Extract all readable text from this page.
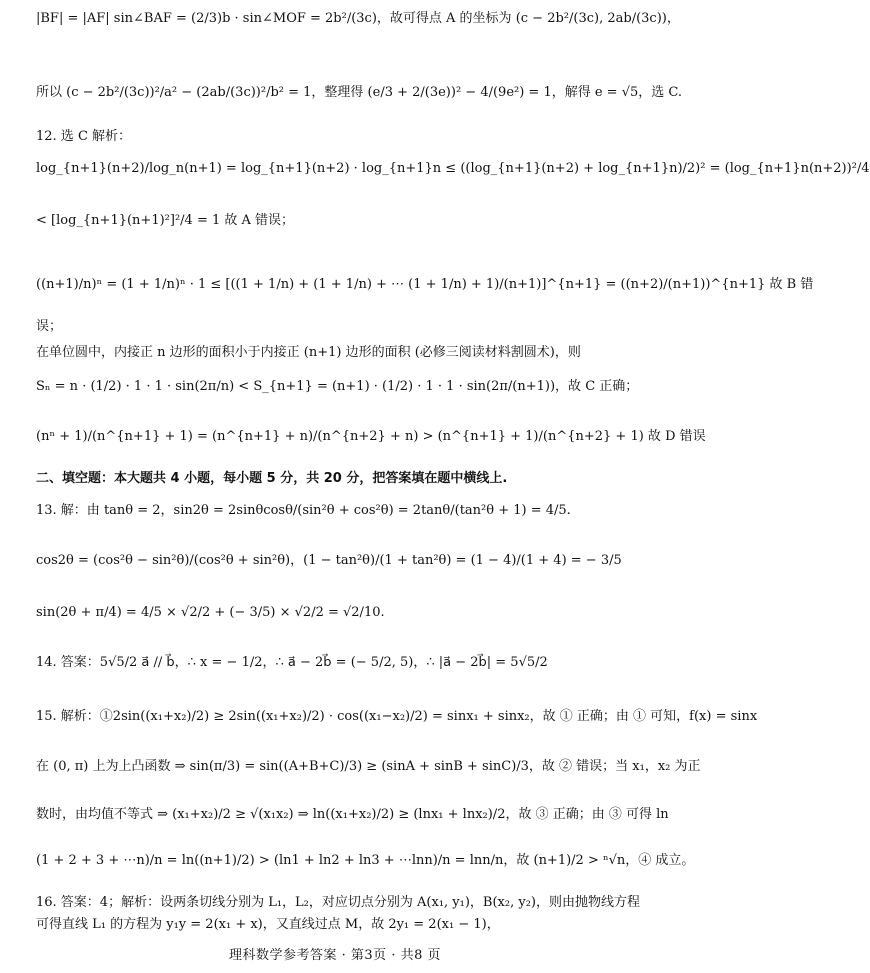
|BF| = |AF| sin∠BAF = (2/3)b · sin∠MOF = 2b²/(3c)，故可得点 A 的坐标为 (c − 2b²/(3c), 2ab/(3c))，
所以 (c − 2b²/(3c))²/a² − (2ab/(3c))²/b² = 1，整理得 (e/3 + 2/(3e))² − 4/(9e²) = 1，解得 e = √5，选 C.
12. 选 C 解析：
log_{n+1}(n+2)/log_n(n+1) = log_{n+1}(n+2) · log_{n+1}n ≤ ((log_{n+1}(n+2) + log_{n+1}n)/2)² = (log_{n+1}n(n+2))²/4
< [log_{n+1}(n+1)²]²/4 = 1 故 A 错误；
((n+1)/n)ⁿ = (1 + 1/n)ⁿ · 1 ≤ [((1 + 1/n) + (1 + 1/n) + ⋯ (1 + 1/n) + 1)/(n+1)]^{n+1} = ((n+2)/(n+1))^{n+1} 故 B 错
误；
在单位圆中，内接正 n 边形的面积小于内接正 (n+1) 边形的面积 (必修三阅读材料割圆术)，则
Sₙ = n · (1/2) · 1 · 1 · sin(2π/n) < S_{n+1} = (n+1) · (1/2) · 1 · 1 · sin(2π/(n+1))，故 C 正确；
(nⁿ + 1)/(n^{n+1} + 1) = (n^{n+1} + n)/(n^{n+2} + n) > (n^{n+1} + 1)/(n^{n+2} + 1) 故 D 错误
二、填空题：本大题共 4 小题，每小题 5 分，共 20 分，把答案填在题中横线上.
13. 解：由 tanθ = 2，sin2θ = 2sinθcosθ/(sin²θ + cos²θ) = 2tanθ/(tan²θ + 1) = 4/5.
cos2θ = (cos²θ − sin²θ)/(cos²θ + sin²θ)，(1 − tan²θ)/(1 + tan²θ) = (1 − 4)/(1 + 4) = − 3/5
sin(2θ + π/4) = 4/5 × √2/2 + (− 3/5) × √2/2 = √2/10.
14. 答案：5√5/2 a⃗ // b⃗，∴ x = − 1/2，∴ a⃗ − 2b⃗ = (− 5/2, 5)，∴ |a⃗ − 2b⃗| = 5√5/2
15. 解析：①2sin((x₁+x₂)/2) ≥ 2sin((x₁+x₂)/2) · cos((x₁−x₂)/2) = sinx₁ + sinx₂，故 ① 正确；由 ① 可知，f(x) = sinx
在 (0, π) 上为上凸函数 ⇒ sin(π/3) = sin((A+B+C)/3) ≥ (sinA + sinB + sinC)/3，故 ② 错误；当 x₁，x₂ 为正
数时，由均值不等式 ⇒ (x₁+x₂)/2 ≥ √(x₁x₂) ⇒ ln((x₁+x₂)/2) ≥ (lnx₁ + lnx₂)/2，故 ③ 正确；由 ③ 可得 ln
(1 + 2 + 3 + ⋯n)/n = ln((n+1)/2) > (ln1 + ln2 + ln3 + ⋯lnn)/n = lnn/n，故 (n+1)/2 > ⁿ√n，④ 成立。
16. 答案：4；解析：设两条切线分别为 L₁，L₂，对应切点分别为 A(x₁, y₁)，B(x₂, y₂)，则由抛物线方程
可得直线 L₁ 的方程为 y₁y = 2(x₁ + x)，又直线过点 M，故 2y₁ = 2(x₁ − 1)，
理科数学参考答案 · 第3页 · 共8 页
